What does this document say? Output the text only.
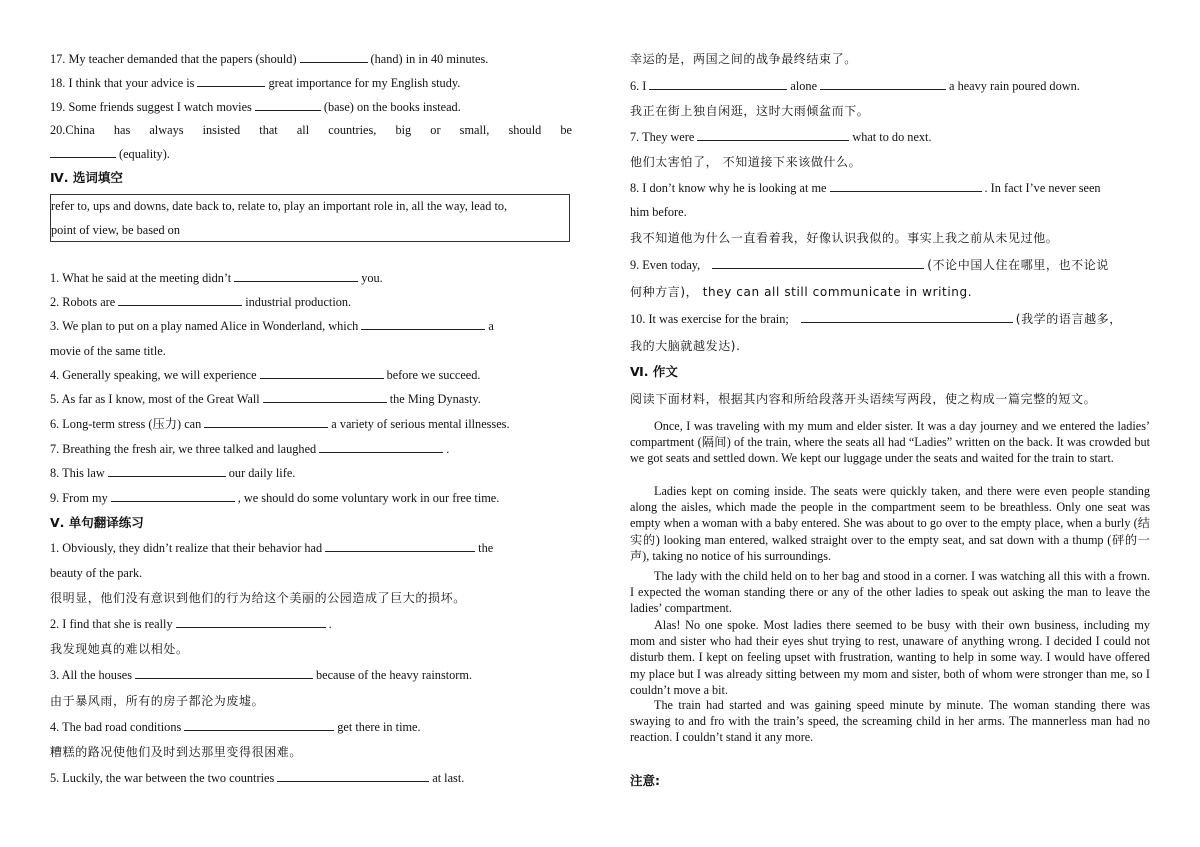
17. My teacher demanded that the papers (should)	(hand) in in 40 minutes.
18. I think that your advice is	great importance for my English study.
19. Some friends suggest I watch movies	(base) on the books instead.
20.China has always insisted that all countries, big or small, should be
(equality).
Ⅳ. 选词填空
refer to, ups and downs, date back to, relate to, play an important role in, all the way, lead to,
point of view, be based on
1. What he said at the meeting didn’t	you.
2. Robots are	industrial production.
3. We plan to put on a play named Alice in Wonderland, which	a
movie of the same title.
4. Generally speaking, we will experience	before we succeed.
5. As far as I know, most of the Great Wall	the Ming Dynasty.
6. Long-term stress (压力) can	a variety of serious mental illnesses.
7. Breathing the fresh air, we three talked and laughed	.
8. This law	our daily life.
9. From my	, we should do some voluntary work in our free time.
Ⅴ. 单句翻译练习
1. Obviously, they didn’t realize that their behavior had	the
beauty of the park.
很明显，他们没有意识到他们的行为给这个美丽的公园造成了巨大的损坏。
2. I find that she is really	.
我发现她真的难以相处。
3. All the houses	because of the heavy rainstorm.
由于暴风雨，所有的房子都沦为废墟。
4. The bad road conditions	get there in time.
糟糕的路况使他们及时到达那里变得很困难。
5. Luckily, the war between the two countries	at last.
幸运的是，两国之间的战争最终结束了。
6. I	alone	a heavy rain poured down.
我正在街上独自闲逛，这时大雨倾盆而下。
7. They were	what to do next.
他们太害怕了， 不知道接下来该做什么。
8. I don’t know why he is looking at me	. In fact I’ve never seen
him before.
我不知道他为什么一直看着我，好像认识我似的。事实上我之前从未见过他。
9. Even today,	(不论中国人住在哪里，也不论说
何种方言)， they can all still communicate in writing.
10. It was exercise for the brain;	(我学的语言越多，
我的大脑就越发达).
Ⅵ. 作文
阅读下面材料，根据其内容和所给段落开头语续写两段，使之构成一篇完整的短文。
Once, I was traveling with my mum and elder sister. It was a day journey and we entered the ladies’ compartment (隔间) of the train, where the seats all had “Ladies” written on the back. It was crowded but we got seats and settled down. We kept our luggage under the seats and waited for the train to start.
Ladies kept on coming inside. The seats were quickly taken, and there were even people standing along the aisles, which made the people in the compartment seem to be breathless. Only one seat was empty when a woman with a baby entered. She was about to go over to the empty place, when a burly (结实的) looking man entered, walked straight over to the empty seat, and sat down with a thump (砰的一声), taking no notice of his surroundings.
The lady with the child held on to her bag and stood in a corner. I was watching all this with a frown. I expected the woman standing there or any of the other ladies to speak out asking the man to leave the ladies’ compartment.
Alas! No one spoke. Most ladies there seemed to be busy with their own business, including my mom and sister who had their eyes shut trying to rest, unaware of anything wrong. I decided I could not disturb them. I kept on feeling upset with frustration, wanting to help in some way. I would have offered my place but I was already sitting between my mom and sister, both of whom were stronger than me, so I couldn’t move a bit.
The train had started and was gaining speed minute by minute. The woman standing there was swaying to and fro with the train’s speed, the screaming child in her arms. The mannerless man had no reaction. I couldn’t stand it any more.
注意:
